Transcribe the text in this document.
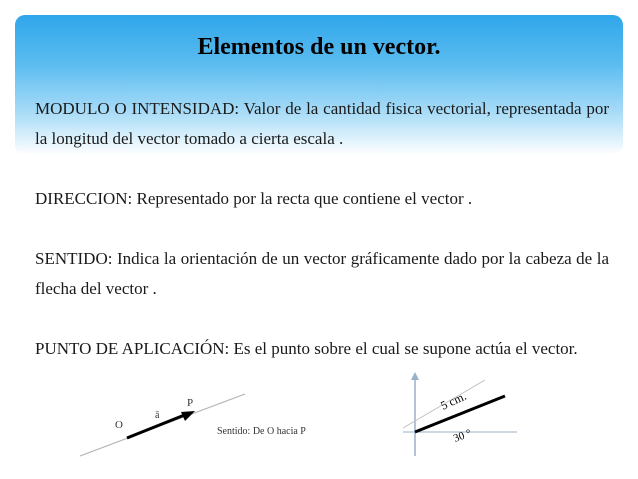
Elementos de un vector.
MODULO O INTENSIDAD: Valor de la cantidad fisica vectorial, representada por la longitud del vector tomado a cierta escala .
DIRECCION: Representado por la recta que contiene el vector .
SENTIDO: Indica la orientación de un vector gráficamente dado por la cabeza de la flecha del vector .
PUNTO DE APLICACIÓN: Es el punto sobre el cual se supone actúa el vector.
O
ā
P
Sentido: De O hacia P
5 cm.
30 °
